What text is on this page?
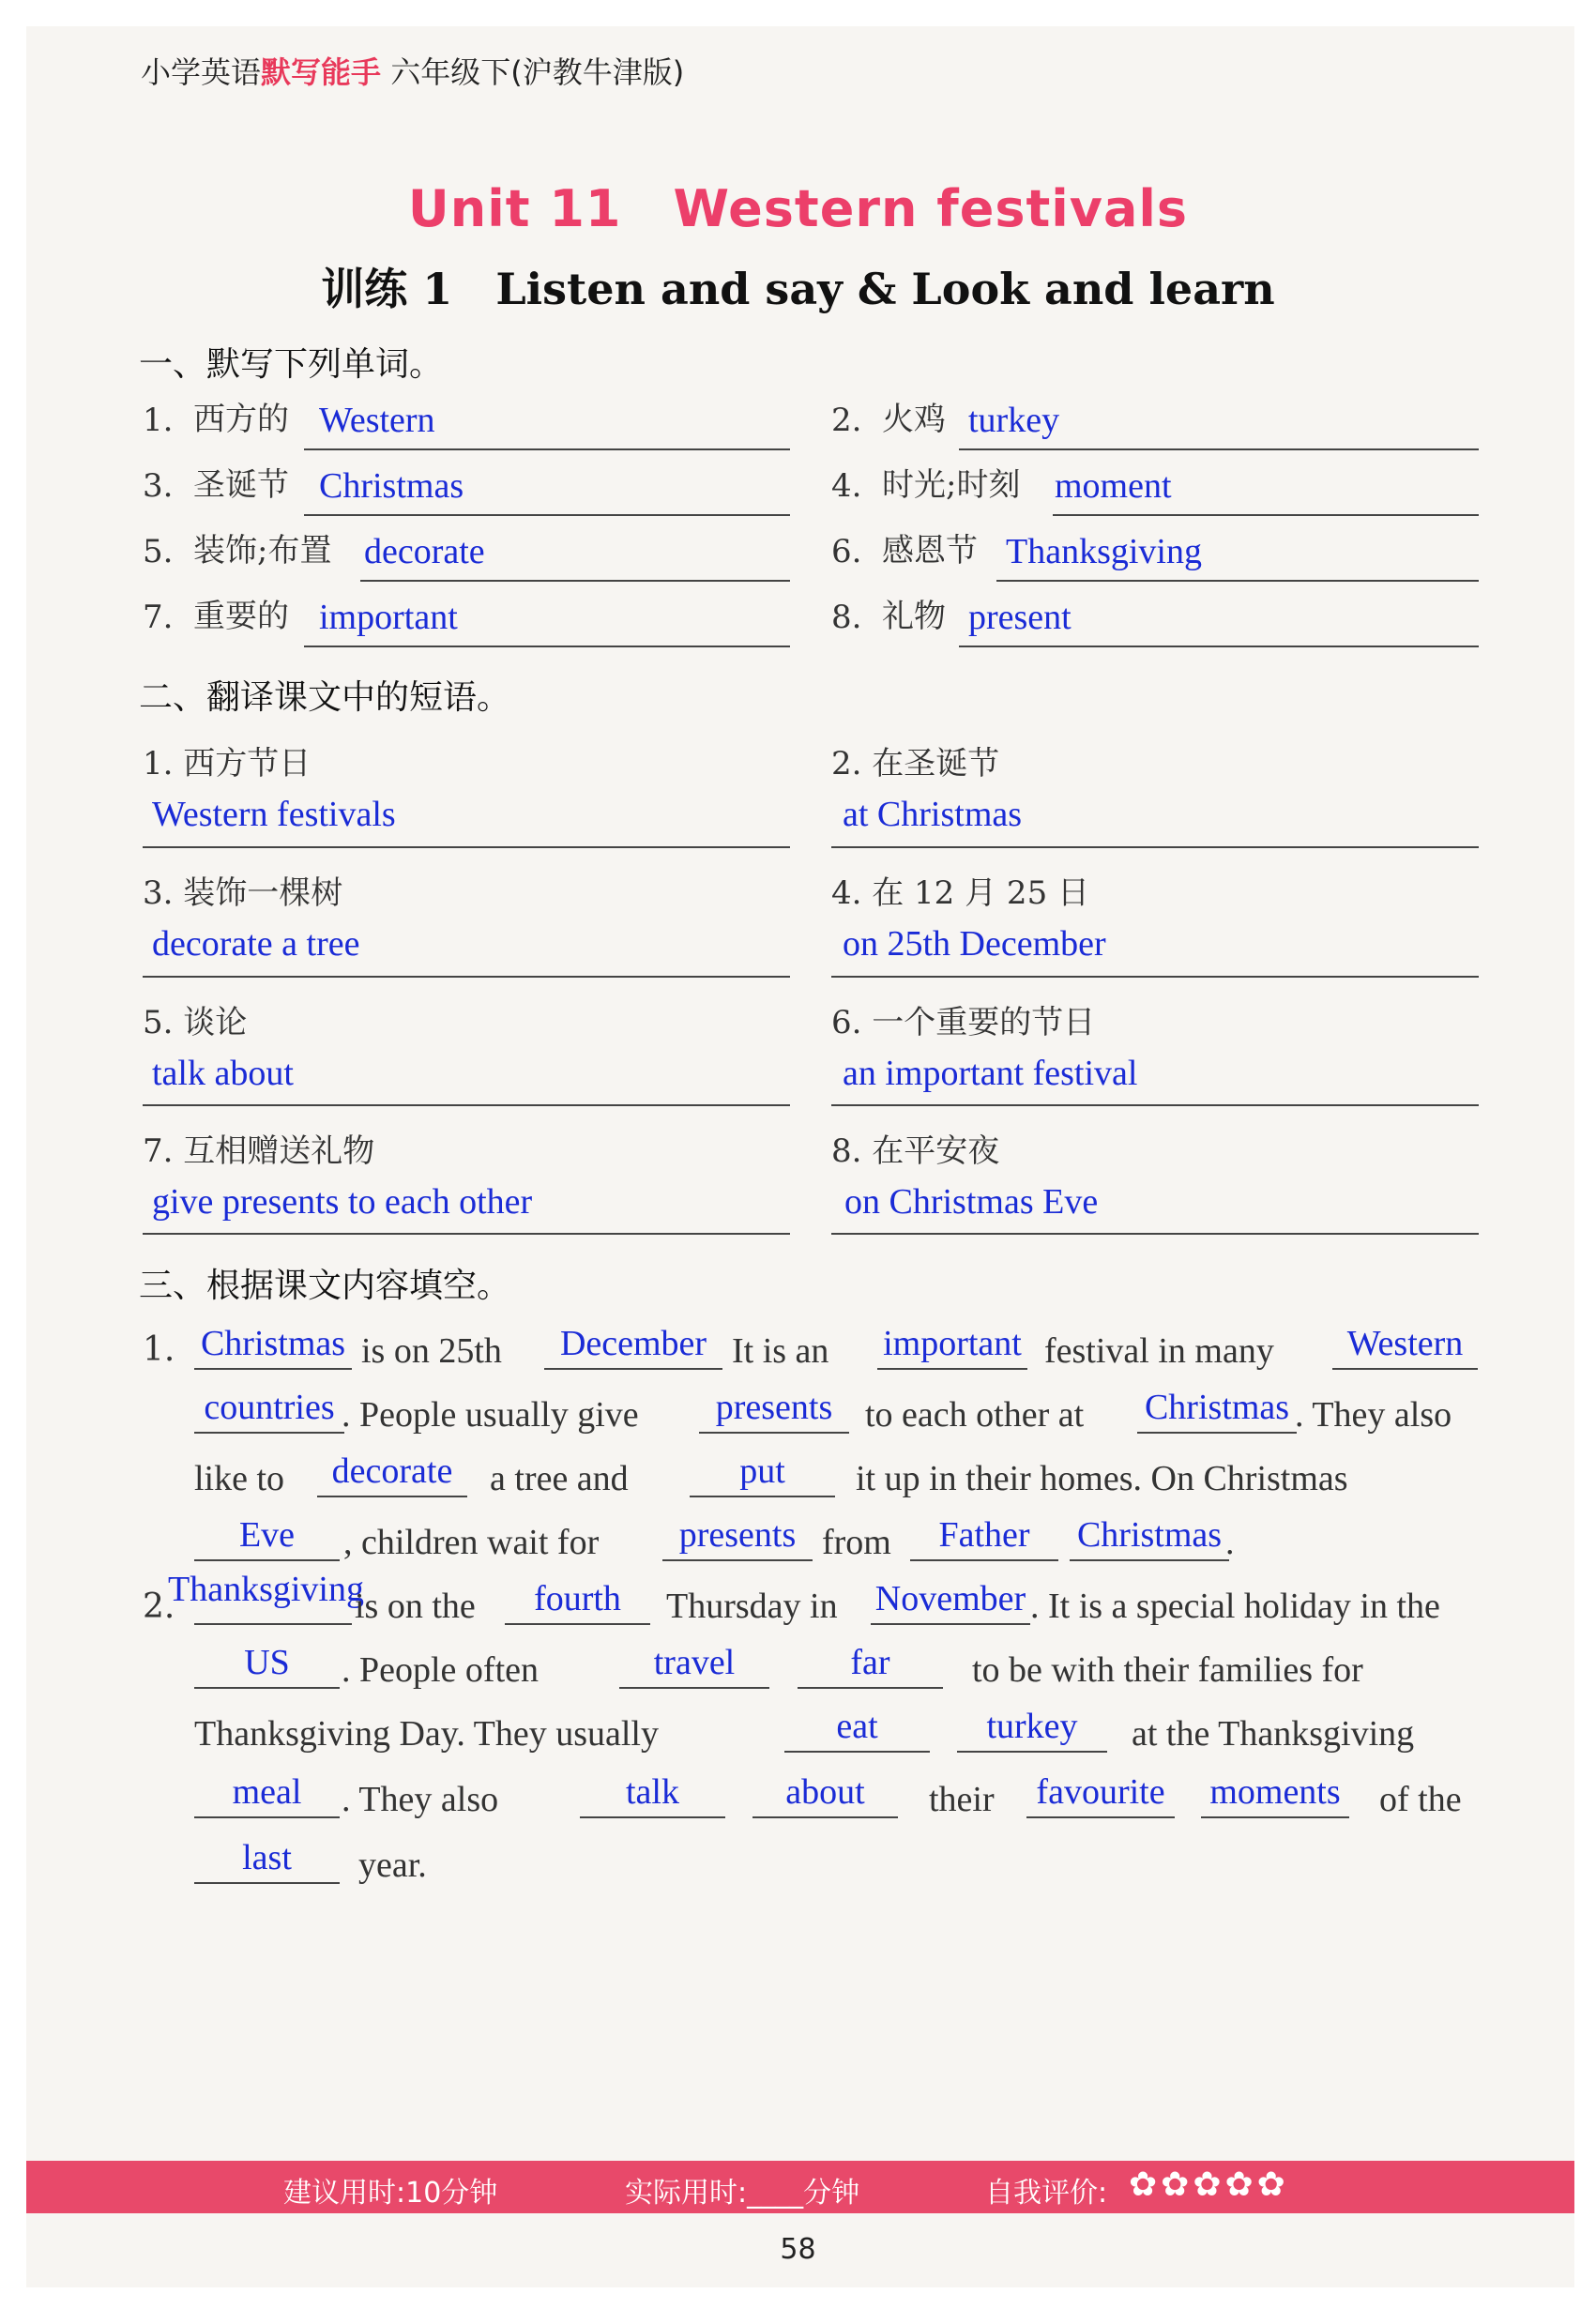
小学英语默写能手 六年级下(沪教牛津版)
Unit 11　Western festivals
训练 1　Listen and say & Look and learn
一、默写下列单词。
1. 西方的 Western	2. 火鸡 turkey
3. 圣诞节 Christmas	4. 时光;时刻 moment
5. 装饰;布置 decorate	6. 感恩节 Thanksgiving
7. 重要的 important	8. 礼物 present
二、翻译课文中的短语。
1. 西方节日
Western festivals
2. 在圣诞节
at Christmas
3. 装饰一棵树
decorate a tree
4. 在 12 月 25 日
on 25th December
5. 谈论
talk about
6. 一个重要的节日
an important festival
7. 互相赠送礼物
give presents to each other
8. 在平安夜
on Christmas Eve
三、根据课文内容填空。
1. Christmas is on 25th	December It is an important festival in many	Western
countries . People usually give	presents to each other at Christmas . They also
like to	decorate	a tree and	put	it up in their homes. On Christmas
Eve	, children wait for	presents from	Father	Christmas .
2.
Thanksgiving
is on the	fourth	Thursday in November . It is a special holiday in the
US	. People often	travel	far	to be with their families for
Thanksgiving Day. They usually	eat	turkey	at the Thanksgiving
meal	. They also	talk	about	their favourite moments of the
last	year.
建议用时:10分钟	实际用时:____分钟	自我评价: ✿✿✿✿✿
58
